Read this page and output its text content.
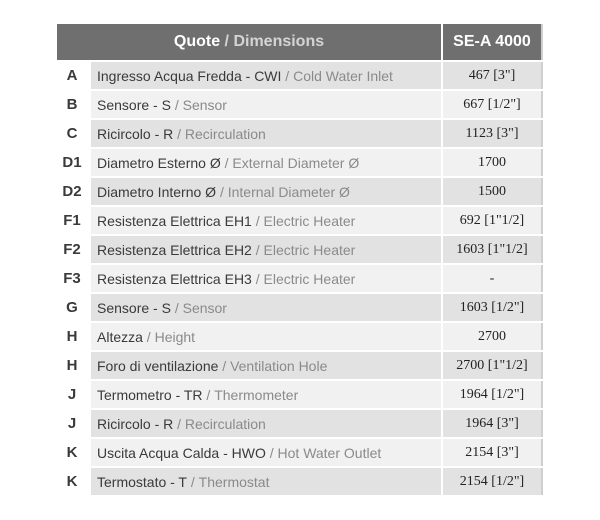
Quote / Dimensions	SE-A 4000
A	Ingresso Acqua Fredda - CWI / Cold Water Inlet	467 [3"]
B	Sensore - S / Sensor	667 [1/2"]
C	Ricircolo - R / Recirculation	1123 [3"]
D1	Diametro Esterno Ø / External Diameter Ø	1700
D2	Diametro Interno Ø / Internal Diameter Ø	1500
F1	Resistenza Elettrica EH1 / Electric Heater	692 [1"1/2]
F2	Resistenza Elettrica EH2 / Electric Heater	1603 [1"1/2]
F3	Resistenza Elettrica EH3 / Electric Heater	-
G	Sensore - S / Sensor	1603 [1/2"]
H	Altezza / Height	2700
H	Foro di ventilazione / Ventilation Hole	2700 [1"1/2]
J	Termometro - TR / Thermometer	1964 [1/2"]
J	Ricircolo - R / Recirculation	1964 [3"]
K	Uscita Acqua Calda - HWO / Hot Water Outlet	2154 [3"]
K	Termostato - T / Thermostat	2154 [1/2"]
